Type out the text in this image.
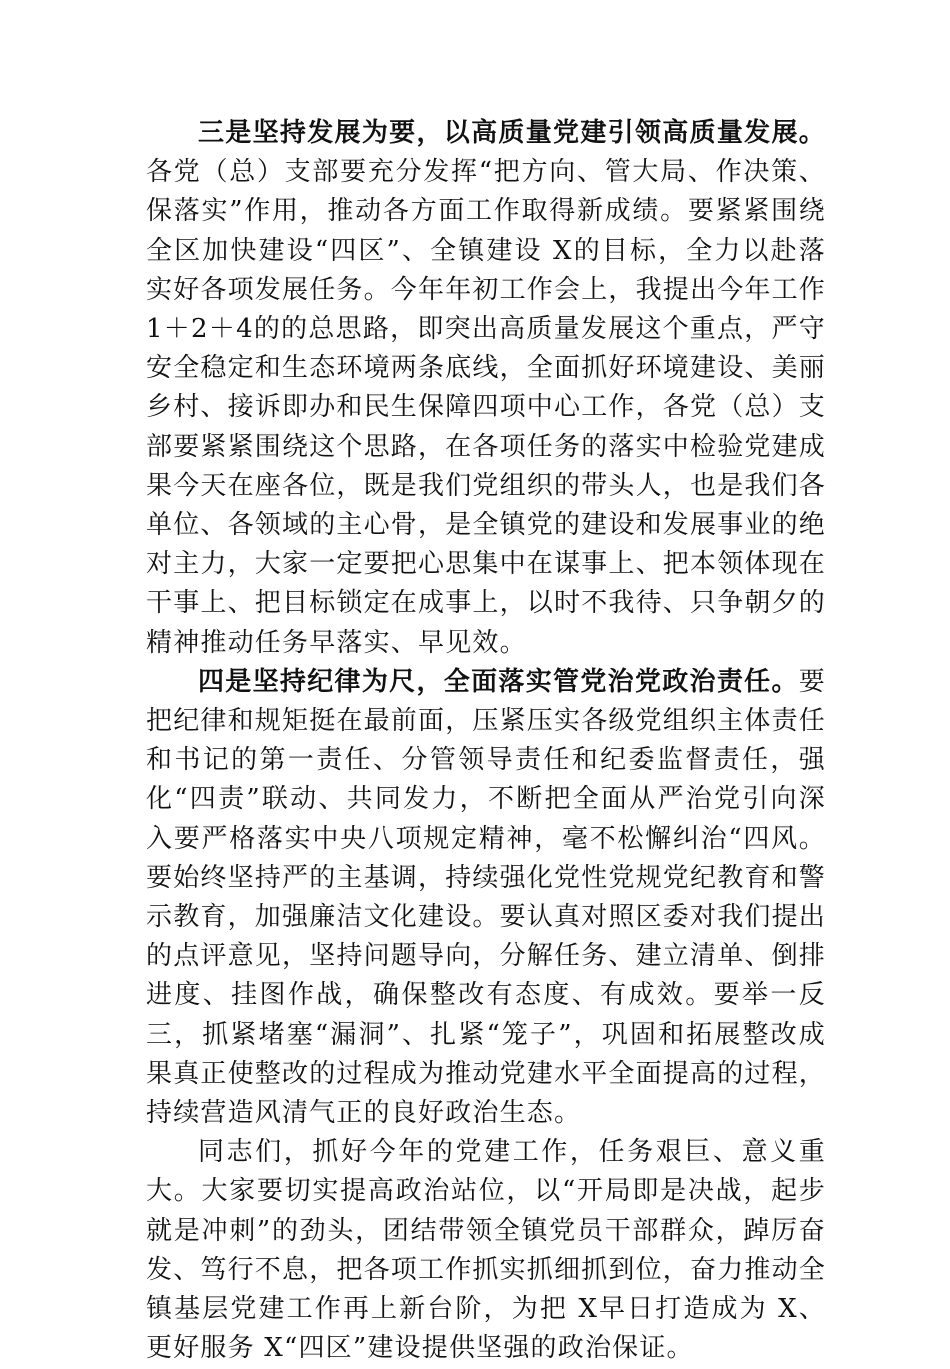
三是坚持发展为要，以高质量党建引领高质量发展。各党（总）支部要充分发挥“把方向、管大局、作决策、保落实”作用，推动各方面工作取得新成绩。要紧紧围绕全区加快建设“四区”、全镇建设 X的目标，全力以赴落实好各项发展任务。今年年初工作会上，我提出今年工作1＋2＋4的的总思路，即突出高质量发展这个重点，严守安全稳定和生态环境两条底线，全面抓好环境建设、美丽乡村、接诉即办和民生保障四项中心工作，各党（总）支部要紧紧围绕这个思路，在各项任务的落实中检验党建成果今天在座各位，既是我们党组织的带头人，也是我们各单位、各领域的主心骨，是全镇党的建设和发展事业的绝对主力，大家一定要把心思集中在谋事上、把本领体现在干事上、把目标锁定在成事上，以时不我待、只争朝夕的精神推动任务早落实、早见效。

四是坚持纪律为尺，全面落实管党治党政治责任。要把纪律和规矩挺在最前面，压紧压实各级党组织主体责任和书记的第一责任、分管领导责任和纪委监督责任，强化“四责”联动、共同发力，不断把全面从严治党引向深入要严格落实中央八项规定精神，毫不松懈纠治“四风。要始终坚持严的主基调，持续强化党性党规党纪教育和警示教育，加强廉洁文化建设。要认真对照区委对我们提出的点评意见，坚持问题导向，分解任务、建立清单、倒排进度、挂图作战，确保整改有态度、有成效。要举一反三，抓紧堵塞“漏洞”、扎紧“笼子”，巩固和拓展整改成果真正使整改的过程成为推动党建水平全面提高的过程，持续营造风清气正的良好政治生态。

同志们，抓好今年的党建工作，任务艰巨、意义重大。大家要切实提高政治站位，以“开局即是决战，起步就是冲刺”的劲头，团结带领全镇党员干部群众，踔厉奋发、笃行不息，把各项工作抓实抓细抓到位，奋力推动全镇基层党建工作再上新台阶，为把 X早日打造成为 X、更好服务 X“四区”建设提供坚强的政治保证。
